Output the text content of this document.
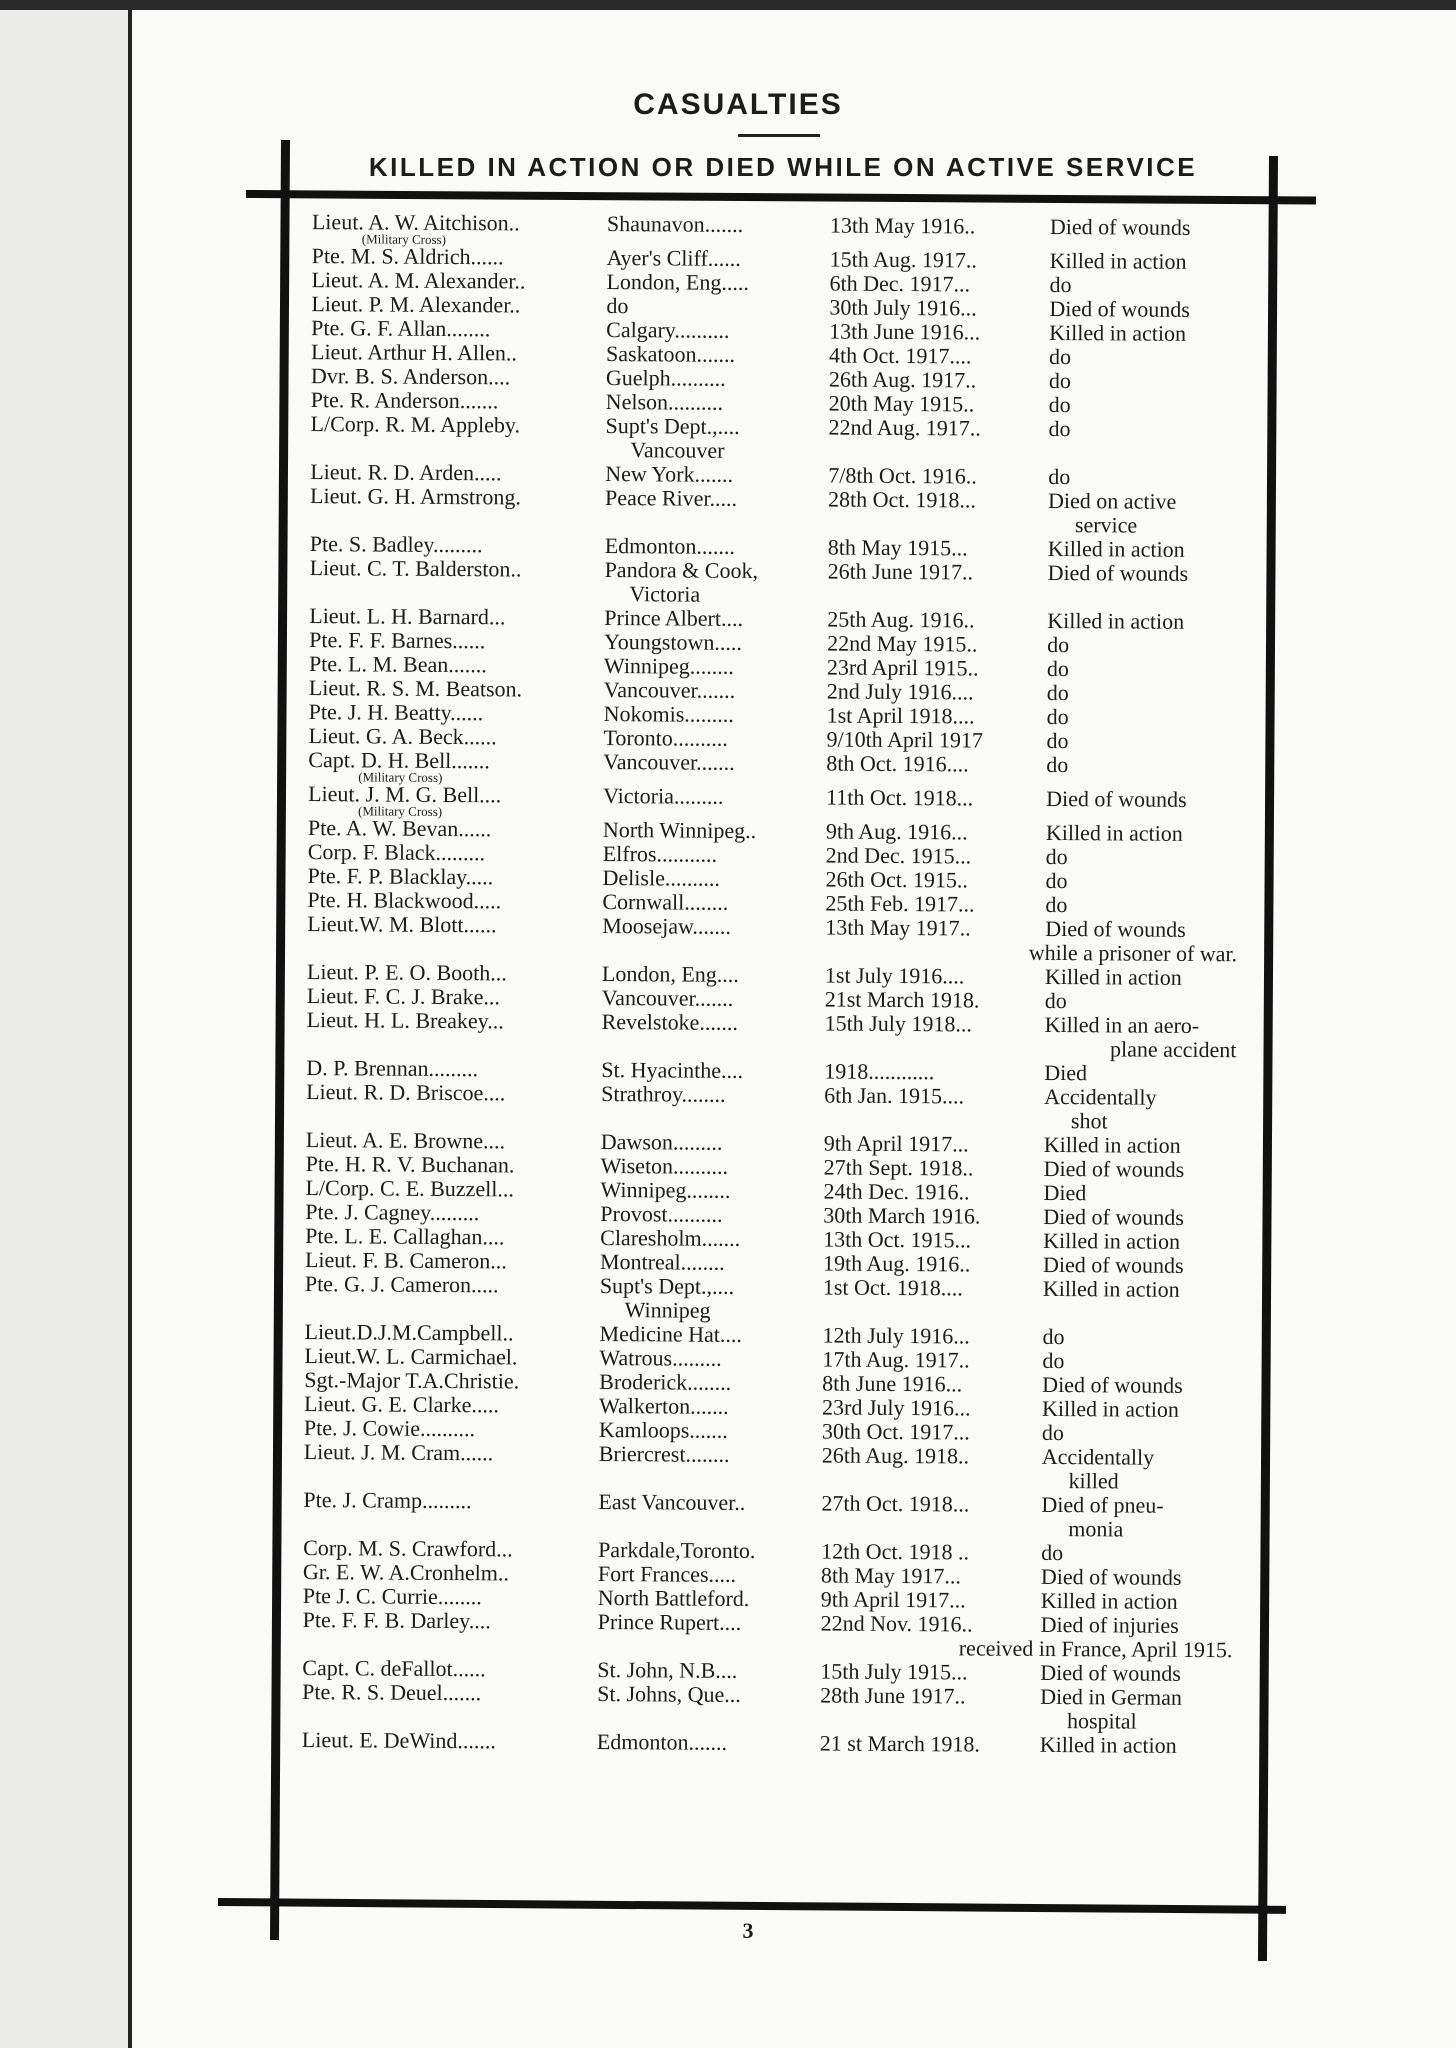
CASUALTIES
KILLED IN ACTION OR DIED WHILE ON ACTIVE SERVICE
Lieut. A. W. Aitchison..	Shaunavon.......	13th May 1916..	Died of wounds
(Military Cross)
Pte. M. S. Aldrich......	Ayer's Cliff......	15th Aug. 1917..	Killed in action
Lieut. A. M. Alexander..	London, Eng.....	6th Dec. 1917...	do
Lieut. P. M. Alexander..	do	30th July 1916...	Died of wounds
Pte. G. F. Allan........	Calgary..........	13th June 1916...	Killed in action
Lieut. Arthur H. Allen..	Saskatoon.......	4th Oct. 1917....	do
Dvr. B. S. Anderson....	Guelph..........	26th Aug. 1917..	do
Pte. R. Anderson.......	Nelson..........	20th May 1915..	do
L/Corp. R. M. Appleby.	Supt's Dept.,....	22nd Aug. 1917..	do
Vancouver
Lieut. R. D. Arden.....	New York.......	7/8th Oct. 1916..	do
Lieut. G. H. Armstrong.	Peace River.....	28th Oct. 1918...	Died on active
service
Pte. S. Badley.........	Edmonton.......	8th May 1915...	Killed in action
Lieut. C. T. Balderston..	Pandora & Cook,	26th June 1917..	Died of wounds
Victoria
Lieut. L. H. Barnard...	Prince Albert....	25th Aug. 1916..	Killed in action
Pte. F. F. Barnes......	Youngstown.....	22nd May 1915..	do
Pte. L. M. Bean.......	Winnipeg........	23rd April 1915..	do
Lieut. R. S. M. Beatson.	Vancouver.......	2nd July 1916....	do
Pte. J. H. Beatty......	Nokomis.........	1st April 1918....	do
Lieut. G. A. Beck......	Toronto..........	9/10th April 1917	do
Capt. D. H. Bell.......	Vancouver.......	8th Oct. 1916....	do
(Military Cross)
Lieut. J. M. G. Bell....	Victoria.........	11th Oct. 1918...	Died of wounds
(Military Cross)
Pte. A. W. Bevan......	North Winnipeg..	9th Aug. 1916...	Killed in action
Corp. F. Black.........	Elfros...........	2nd Dec. 1915...	do
Pte. F. P. Blacklay.....	Delisle..........	26th Oct. 1915..	do
Pte. H. Blackwood.....	Cornwall........	25th Feb. 1917...	do
Lieut.W. M. Blott......	Moosejaw.......	13th May 1917..	Died of wounds
while a prisoner of war.
Lieut. P. E. O. Booth...	London, Eng....	1st July 1916....	Killed in action
Lieut. F. C. J. Brake...	Vancouver.......	21st March 1918.	do
Lieut. H. L. Breakey...	Revelstoke.......	15th July 1918...	Killed in an aero-
plane accident
D. P. Brennan.........	St. Hyacinthe....	1918............	Died
Lieut. R. D. Briscoe....	Strathroy........	6th Jan. 1915....	Accidentally
shot
Lieut. A. E. Browne....	Dawson.........	9th April 1917...	Killed in action
Pte. H. R. V. Buchanan.	Wiseton..........	27th Sept. 1918..	Died of wounds
L/Corp. C. E. Buzzell...	Winnipeg........	24th Dec. 1916..	Died
Pte. J. Cagney.........	Provost..........	30th March 1916.	Died of wounds
Pte. L. E. Callaghan....	Claresholm.......	13th Oct. 1915...	Killed in action
Lieut. F. B. Cameron...	Montreal........	19th Aug. 1916..	Died of wounds
Pte. G. J. Cameron.....	Supt's Dept.,....	1st Oct. 1918....	Killed in action
Winnipeg
Lieut.D.J.M.Campbell..	Medicine Hat....	12th July 1916...	do
Lieut.W. L. Carmichael.	Watrous.........	17th Aug. 1917..	do
Sgt.-Major T.A.Christie.	Broderick........	8th June 1916...	Died of wounds
Lieut. G. E. Clarke.....	Walkerton.......	23rd July 1916...	Killed in action
Pte. J. Cowie..........	Kamloops.......	30th Oct. 1917...	do
Lieut. J. M. Cram......	Briercrest........	26th Aug. 1918..	Accidentally
killed
Pte. J. Cramp.........	East Vancouver..	27th Oct. 1918...	Died of pneu-
monia
Corp. M. S. Crawford...	Parkdale,Toronto.	12th Oct. 1918 ..	do
Gr. E. W. A.Cronhelm..	Fort Frances.....	8th May 1917...	Died of wounds
Pte J. C. Currie........	North Battleford.	9th April 1917...	Killed in action
Pte. F. F. B. Darley....	Prince Rupert....	22nd Nov. 1916..	Died of injuries
received in France, April 1915.
Capt. C. deFallot......	St. John, N.B....	15th July 1915...	Died of wounds
Pte. R. S. Deuel.......	St. Johns, Que...	28th June 1917..	Died in German
hospital
Lieut. E. DeWind.......	Edmonton.......	21 st March 1918.	Killed in action
3
